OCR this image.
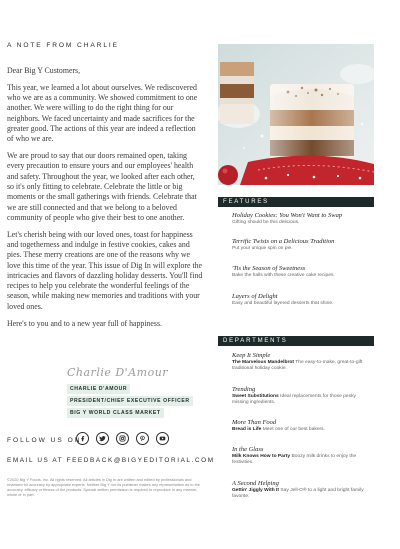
A NOTE FROM CHARLIE

Dear Big Y Customers,

This year, we learned a lot about ourselves. We rediscovered who we are as a community. We showed commitment to one another. We were willing to do the right thing for our neighbors. We faced uncertainty and made sacrifices for the greater good. The actions of this year are indeed a reflection of who we are.

We are proud to say that our doors remained open, taking every precaution to ensure yours and our employees' health and safety. Throughout the year, we looked after each other, so it's only fitting to celebrate. Celebrate the little or big moments or the small gatherings with friends. Celebrate that we are still connected and that we belong to a beloved community of people who give their best to one another.

Let's cherish being with our loved ones, toast for happiness and togetherness and indulge in festive cookies, cakes and pies. These merry creations are one of the reasons why we love this time of the year. This issue of Dig In will explore the intricacies and flavors of dazzling holiday desserts. You'll find recipes to help you celebrate the wonderful feelings of the season, while making new memories and traditions with your loved ones.

Here's to you and to a new year full of happiness.

Charlie D'Amour
CHARLIE D'AMOUR
PRESIDENT/CHIEF EXECUTIVE OFFICER
BIG Y WORLD CLASS MARKET
FOLLOW US ON
EMAIL US AT FEEDBACK@BIGYEDITORIAL.COM
©2020 Big Y Foods, Inc. All rights reserved. All articles in Dig In are written and edited by professionals and reviewed for accuracy by appropriate experts. Neither Big Y nor its publisher makes any representation as to the accuracy, efficacy or fitness of the products. Special written permission is required to reproduce in any manner, whole or in part.
FEATURES

Holiday Cookies: You Won't Want to Swap

Gifting should be this delicious.

Terrific Twists on a Delicious Tradition

Put your unique spin on pie.

'Tis the Season of Sweetness

Bake the halls with these creative cake recipes.

Layers of Delight

Easy and beautiful layered desserts that shine.

DEPARTMENTS

Keep It Simple

The Marvelous Mandelbrot The easy-to-make, great-to-gift traditional holiday cookie.

Trending

Sweet Substitutions Ideal replacements for those pesky missing ingredients.

More Than Food

Bread is Life Meet one of our best bakers.

In the Glass

Milk Knows How to Party Boozy milk drinks to enjoy the festivities.

A Second Helping

Gettin' Jiggly With It Say Jell-O® to a light and bright family favorite.
